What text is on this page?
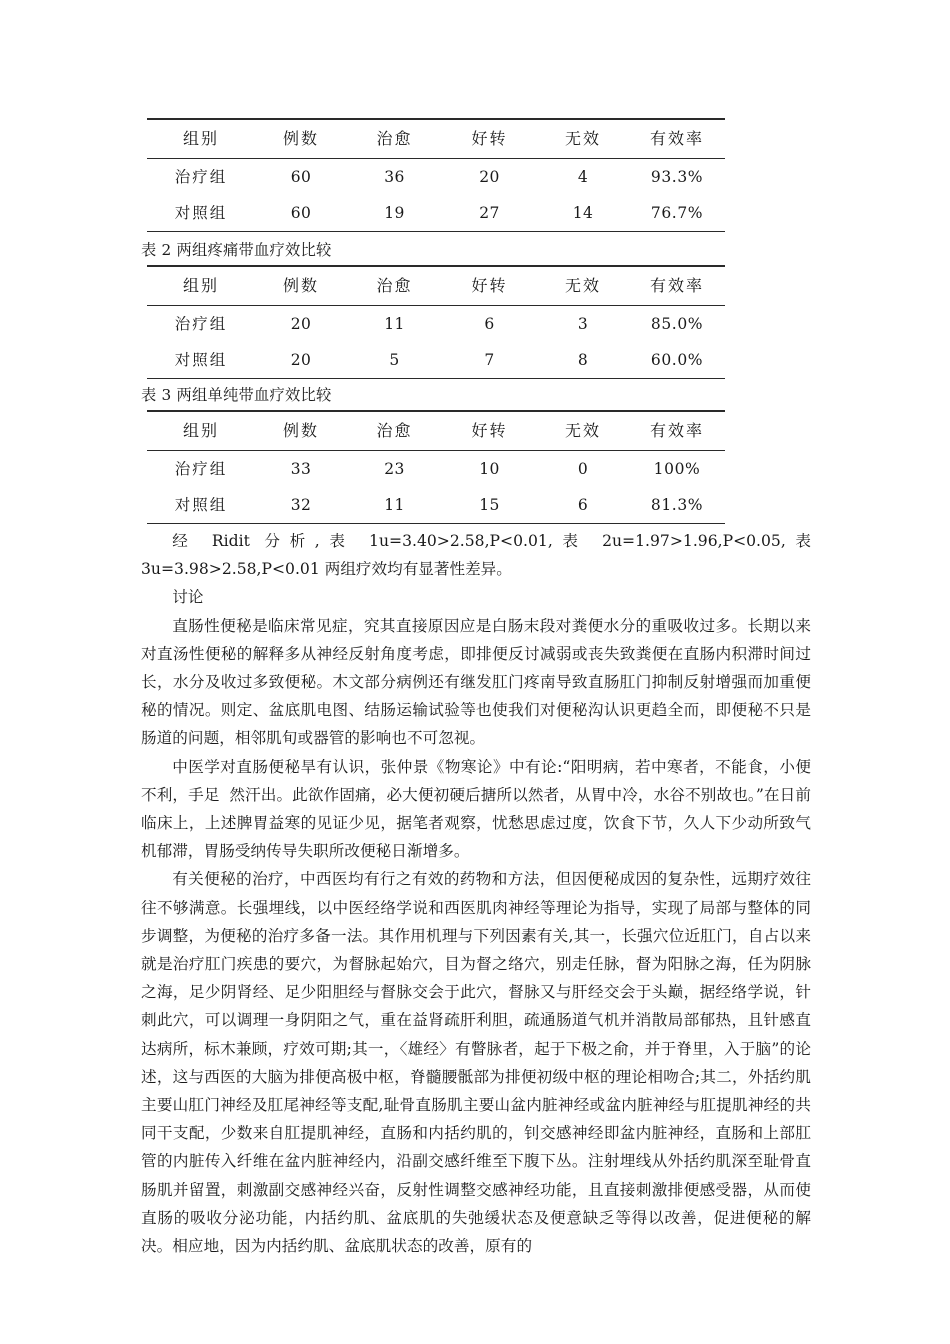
组别	例数	治愈	好转	无效	有效率
治疗组	60	36	20	4	93.3%
对照组	60	19	27	14	76.7%

表 2 两组疼痛带血疗效比较

组别	例数	治愈	好转	无效	有效率
治疗组	20	11	6	3	85.0%
对照组	20	5	7	8	60.0%

表 3 两组单纯带血疗效比较

组别	例数	治愈	好转	无效	有效率
治疗组	33	23	10	0	100%
对照组	32	11	15	6	81.3%

经 Ridit 分析,表 1u=3.40>2.58,P<0.01,表 2u=1.97>1.96,P<0.05,表 3u=3.98>2.58,P<0.01 两组疗效均有显著性差异。

讨论

直肠性便秘是临床常见症，究其直接原因应是白肠末段对粪便水分的重吸收过多。长期以来对直汤性便秘的解释多从神经反射角度考虑，即排便反讨减弱或丧失致粪便在直肠内积滞时间过长，水分及收过多致便秘。木文部分病例还有继发肛门疼南导致直肠肛门抑制反射增强而加重便秘的情况。则定、盆底肌电图、结肠运输试验等也使我们对便秘沟认识更趋全而，即便秘不只是肠道的问题，相邻肌旬或器管的影响也不可忽视。

中医学对直肠便秘旱有认识，张仲景《物寒论》中有论:“阳明病，若中寒者，不能食，小便不利，手足 然汗出。此欲作固痛，必大便初硬后搪所以然者，从胃中冷，水谷不别故也。”在日前临床上，上述脾胃益寒的见证少见，据笔者观察，忧愁思虑过度，饮食下节，久人下少动所致气机郁滞，胃肠受纳传导失职所改便秘日渐增多。

有关便秘的治疗，中西医均有行之有效的药物和方法，但因便秘成因的复杂性，远期疗效往往不够满意。长强埋线，以中医经络学说和西医肌肉神经等理论为指导，实现了局部与整体的同步调整，为便秘的治疗多备一法。其作用机理与下列因素有关,其一，长强穴位近肛门，自占以来就是治疗肛门疾患的要穴，为督脉起始穴，目为督之络穴，别走任脉，督为阳脉之海，任为阴脉之海，足少阴肾经、足少阳胆经与督脉交会于此穴，督脉又与肝经交会于头巅，据经络学说，针刺此穴，可以调理一身阴阳之气，重在益肾疏肝利胆，疏通肠道气机并消散局部郁热，且针感直达病所，标木兼顾，疗效可期;其一，〈雄经〉有瞥脉者，起于下极之俞，并于脊里，入于脑”的论述，这与西医的大脑为排便高极中枢，脊髓腰骶部为排便初级中枢的理论相吻合;其二，外括约肌主要山肛门神经及肛尾神经等支配,耻骨直肠肌主要山盆内脏神经或盆内脏神经与肛提肌神经的共同干支配，少数来自肛提肌神经，直肠和内括约肌的，钊交感神经即盆内脏神经，直肠和上部肛管的内脏传入纤维在盆内脏神经内，沿副交感纤维至下腹下丛。注射埋线从外括约肌深至耻骨直肠肌并留置，刺激副交感神经兴奋，反射性调整交感神经功能，且直接刺激排便感受器，从而使直肠的吸收分泌功能，内括约肌、盆底肌的失弛缓状态及便意缺乏等得以改善，促进便秘的解决。相应地，因为内括约肌、盆底肌状态的改善，原有的
